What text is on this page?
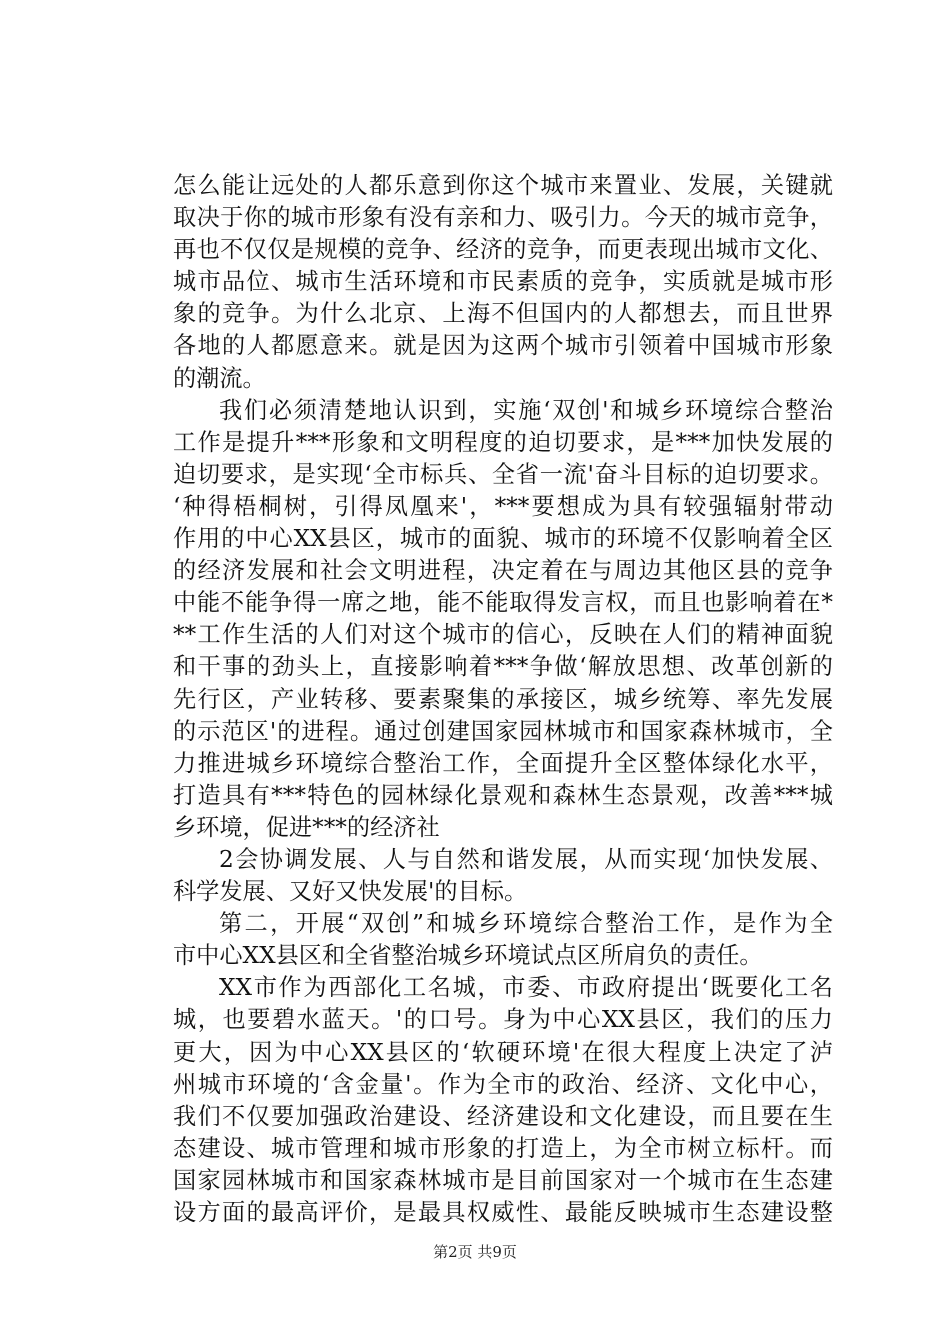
怎么能让远处的人都乐意到你这个城市来置业、发展，关键就
取决于你的城市形象有没有亲和力、吸引力。今天的城市竞争，
再也不仅仅是规模的竞争、经济的竞争，而更表现出城市文化、
城市品位、城市生活环境和市民素质的竞争，实质就是城市形
象的竞争。为什么北京、上海不但国内的人都想去，而且世界
各地的人都愿意来。就是因为这两个城市引领着中国城市形象
的潮流。
我们必须清楚地认识到，实施‘双创'和城乡环境综合整治
工作是提升***形象和文明程度的迫切要求，是***加快发展的
迫切要求，是实现‘全市标兵、全省一流'奋斗目标的迫切要求。
‘种得梧桐树，引得凤凰来'，***要想成为具有较强辐射带动
作用的中心XX县区，城市的面貌、城市的环境不仅影响着全区
的经济发展和社会文明进程，决定着在与周边其他区县的竞争
中能不能争得一席之地，能不能取得发言权，而且也影响着在*
**工作生活的人们对这个城市的信心，反映在人们的精神面貌
和干事的劲头上，直接影响着***争做‘解放思想、改革创新的
先行区，产业转移、要素聚集的承接区，城乡统筹、率先发展
的示范区'的进程。通过创建国家园林城市和国家森林城市，全
力推进城乡环境综合整治工作，全面提升全区整体绿化水平，
打造具有***特色的园林绿化景观和森林生态景观，改善***城
乡环境，促进***的经济社
2会协调发展、人与自然和谐发展，从而实现‘加快发展、
科学发展、又好又快发展'的目标。
第二，开展“双创”和城乡环境综合整治工作，是作为全
市中心XX县区和全省整治城乡环境试点区所肩负的责任。
XX市作为西部化工名城，市委、市政府提出‘既要化工名
城，也要碧水蓝天。'的口号。身为中心XX县区，我们的压力
更大，因为中心XX县区的‘软硬环境'在很大程度上决定了泸
州城市环境的‘含金量'。作为全市的政治、经济、文化中心，
我们不仅要加强政治建设、经济建设和文化建设，而且要在生
态建设、城市管理和城市形象的打造上，为全市树立标杆。而
国家园林城市和国家森林城市是目前国家对一个城市在生态建
设方面的最高评价，是最具权威性、最能反映城市生态建设整
第2页 共9页
